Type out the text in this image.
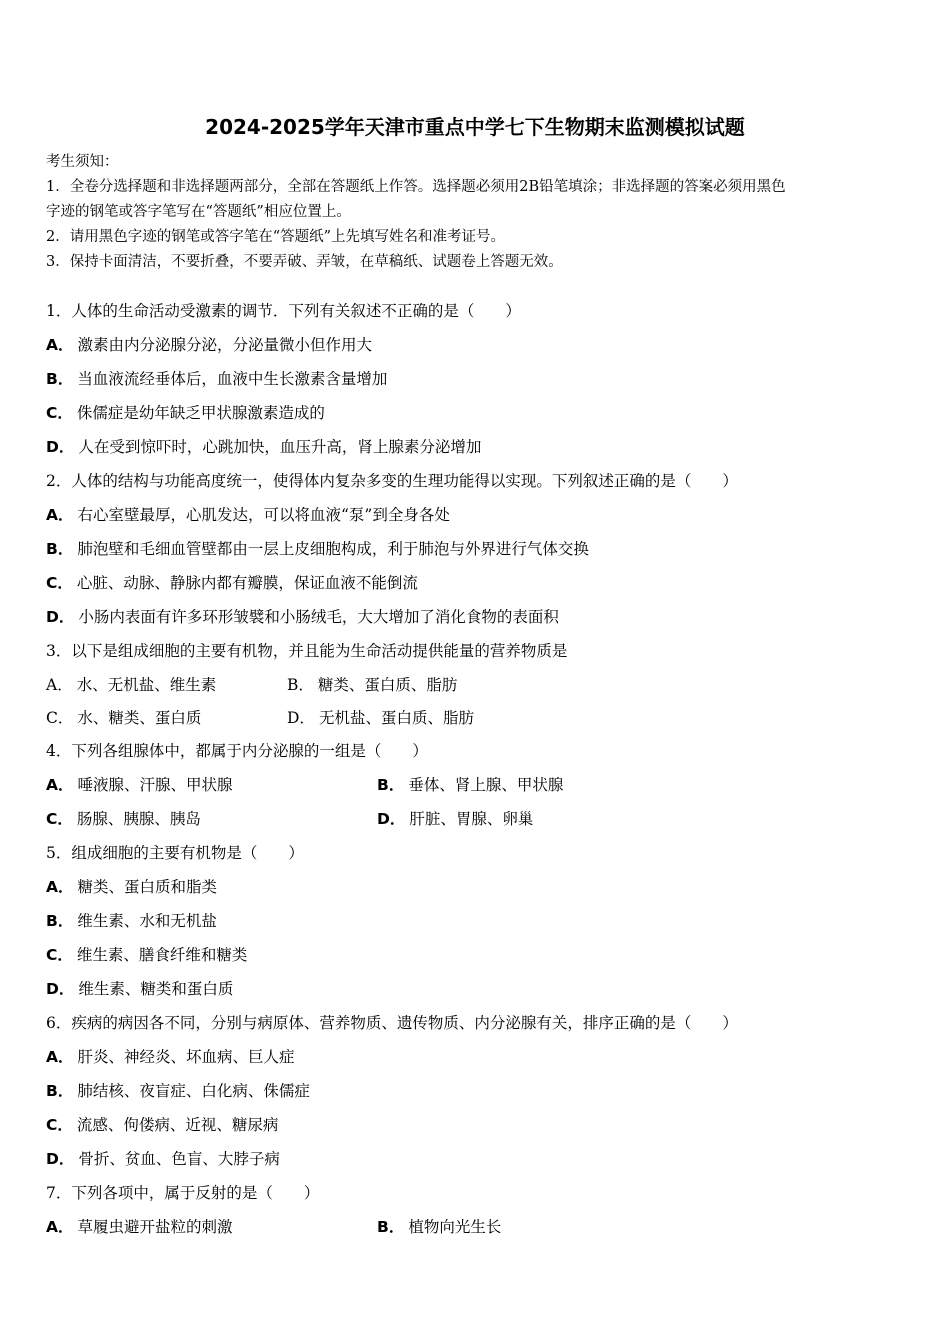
2024-2025学年天津市重点中学七下生物期末监测模拟试题
考生须知：
1．全卷分选择题和非选择题两部分，全部在答题纸上作答。选择题必须用2B铅笔填涂；非选择题的答案必须用黑色
字迹的钢笔或答字笔写在“答题纸”相应位置上。
2．请用黑色字迹的钢笔或答字笔在“答题纸”上先填写姓名和准考证号。
3．保持卡面清洁，不要折叠，不要弄破、弄皱，在草稿纸、试题卷上答题无效。
1．人体的生命活动受激素的调节．下列有关叙述不正确的是（　　）
A． 激素由内分泌腺分泌，分泌量微小但作用大
B． 当血液流经垂体后，血液中生长激素含量增加
C． 侏儒症是幼年缺乏甲状腺激素造成的
D． 人在受到惊吓时，心跳加快，血压升高，肾上腺素分泌增加
2．人体的结构与功能高度统一，使得体内复杂多变的生理功能得以实现。下列叙述正确的是（　　）
A． 右心室壁最厚，心肌发达，可以将血液“泵”到全身各处
B． 肺泡壁和毛细血管壁都由一层上皮细胞构成，利于肺泡与外界进行气体交换
C． 心脏、动脉、静脉内都有瓣膜，保证血液不能倒流
D． 小肠内表面有许多环形皱襞和小肠绒毛，大大增加了消化食物的表面积
3．以下是组成细胞的主要有机物，并且能为生命活动提供能量的营养物质是
A． 水、无机盐、维生素	B． 糖类、蛋白质、脂肪
C． 水、糖类、蛋白质	D． 无机盐、蛋白质、脂肪
4．下列各组腺体中，都属于内分泌腺的一组是（　　）
A． 唾液腺、汗腺、甲状腺	B． 垂体、肾上腺、甲状腺
C． 肠腺、胰腺、胰岛	D． 肝脏、胃腺、卵巢
5．组成细胞的主要有机物是（　　）
A． 糖类、蛋白质和脂类
B． 维生素、水和无机盐
C． 维生素、膳食纤维和糖类
D． 维生素、糖类和蛋白质
6．疾病的病因各不同，分别与病原体、营养物质、遗传物质、内分泌腺有关，排序正确的是（　　）
A． 肝炎、神经炎、坏血病、巨人症
B． 肺结核、夜盲症、白化病、侏儒症
C． 流感、佝偻病、近视、糖尿病
D． 骨折、贫血、色盲、大脖子病
7．下列各项中，属于反射的是（　　）
A． 草履虫避开盐粒的刺激	B． 植物向光生长
